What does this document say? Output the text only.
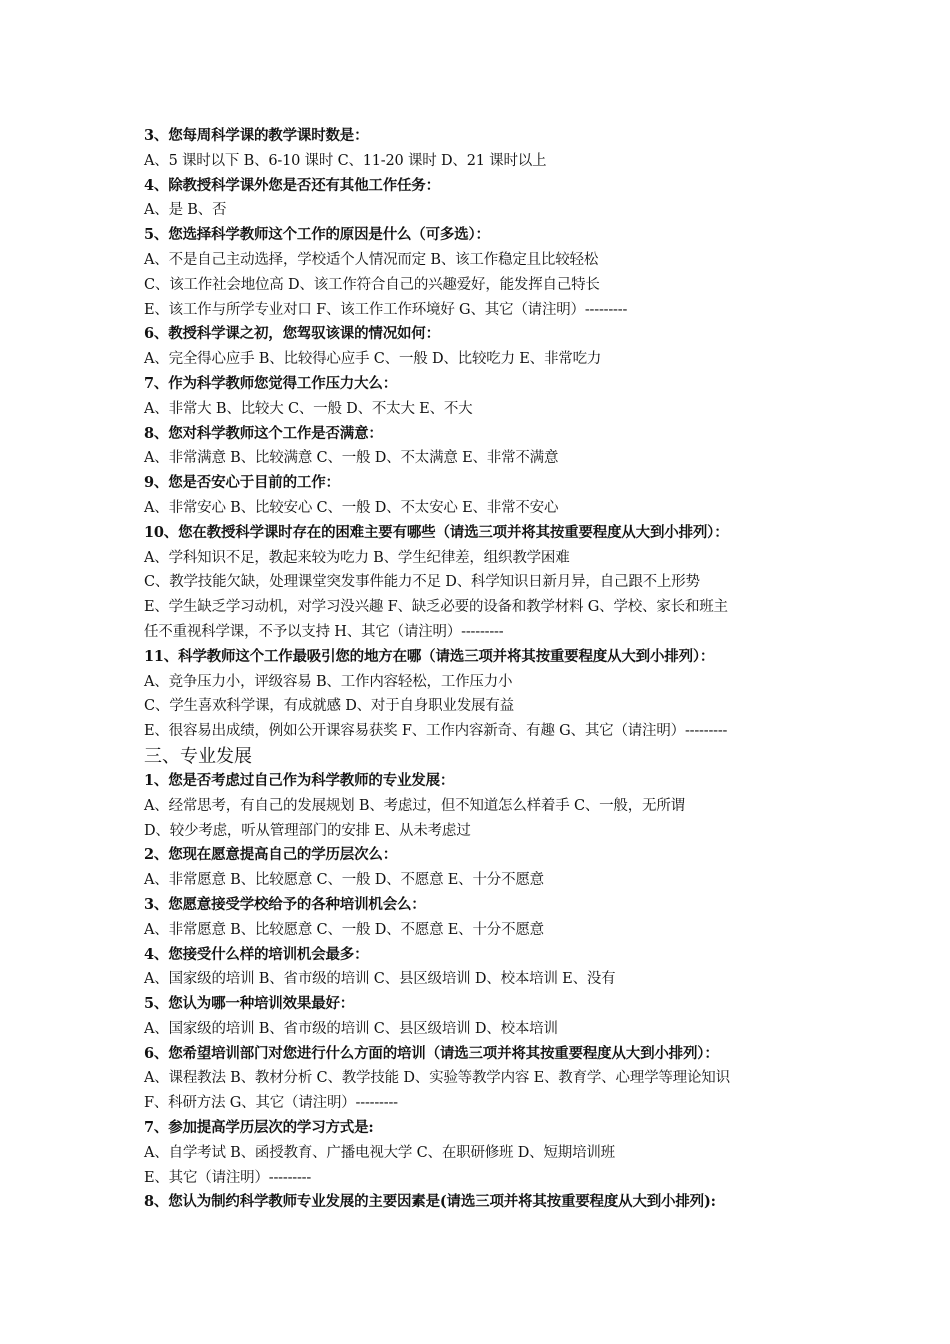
3、您每周科学课的教学课时数是：
A、5 课时以下 B、6-10 课时 C、11-20 课时 D、21 课时以上
4、除教授科学课外您是否还有其他工作任务：
A、是 B、否
5、您选择科学教师这个工作的原因是什么（可多选）：
A、不是自己主动选择，学校适个人情况而定 B、该工作稳定且比较轻松
C、该工作社会地位高 D、该工作符合自己的兴趣爱好，能发挥自己特长
E、该工作与所学专业对口 F、该工作工作环境好 G、其它（请注明）---------
6、教授科学课之初，您驾驭该课的情况如何：
A、完全得心应手 B、比较得心应手 C、一般 D、比较吃力 E、非常吃力
7、作为科学教师您觉得工作压力大么：
A、非常大 B、比较大 C、一般 D、不太大 E、不大
8、您对科学教师这个工作是否满意：
A、非常满意 B、比较满意 C、一般 D、不太满意 E、非常不满意
9、您是否安心于目前的工作：
A、非常安心 B、比较安心 C、一般 D、不太安心 E、非常不安心
10、您在教授科学课时存在的困难主要有哪些（请选三项并将其按重要程度从大到小排列）：
A、学科知识不足，教起来较为吃力 B、学生纪律差，组织教学困难
C、教学技能欠缺，处理课堂突发事件能力不足 D、科学知识日新月异，自己跟不上形势
E、学生缺乏学习动机，对学习没兴趣 F、缺乏必要的设备和教学材料 G、学校、家长和班主
任不重视科学课，不予以支持 H、其它（请注明）---------
11、科学教师这个工作最吸引您的地方在哪（请选三项并将其按重要程度从大到小排列）：
A、竞争压力小，评级容易 B、工作内容轻松，工作压力小
C、学生喜欢科学课，有成就感 D、对于自身职业发展有益
E、很容易出成绩，例如公开课容易获奖 F、工作内容新奇、有趣 G、其它（请注明）---------
三、专业发展
1、您是否考虑过自己作为科学教师的专业发展：
A、经常思考，有自己的发展规划 B、考虑过，但不知道怎么样着手 C、一般，无所谓
D、较少考虑，听从管理部门的安排 E、从未考虑过
2、您现在愿意提高自己的学历层次么：
A、非常愿意 B、比较愿意 C、一般 D、不愿意 E、十分不愿意
3、您愿意接受学校给予的各种培训机会么：
A、非常愿意 B、比较愿意 C、一般 D、不愿意 E、十分不愿意
4、您接受什么样的培训机会最多：
A、国家级的培训 B、省市级的培训 C、县区级培训 D、校本培训 E、没有
5、您认为哪一种培训效果最好：
A、国家级的培训 B、省市级的培训 C、县区级培训 D、校本培训
6、您希望培训部门对您进行什么方面的培训（请选三项并将其按重要程度从大到小排列）：
A、课程教法 B、教材分析 C、教学技能 D、实验等教学内容 E、教育学、心理学等理论知识
F、科研方法 G、其它（请注明）---------
7、参加提高学历层次的学习方式是:
A、自学考试 B、函授教育、广播电视大学 C、在职研修班 D、短期培训班
E、其它（请注明）---------
8、您认为制约科学教师专业发展的主要因素是(请选三项并将其按重要程度从大到小排列):
